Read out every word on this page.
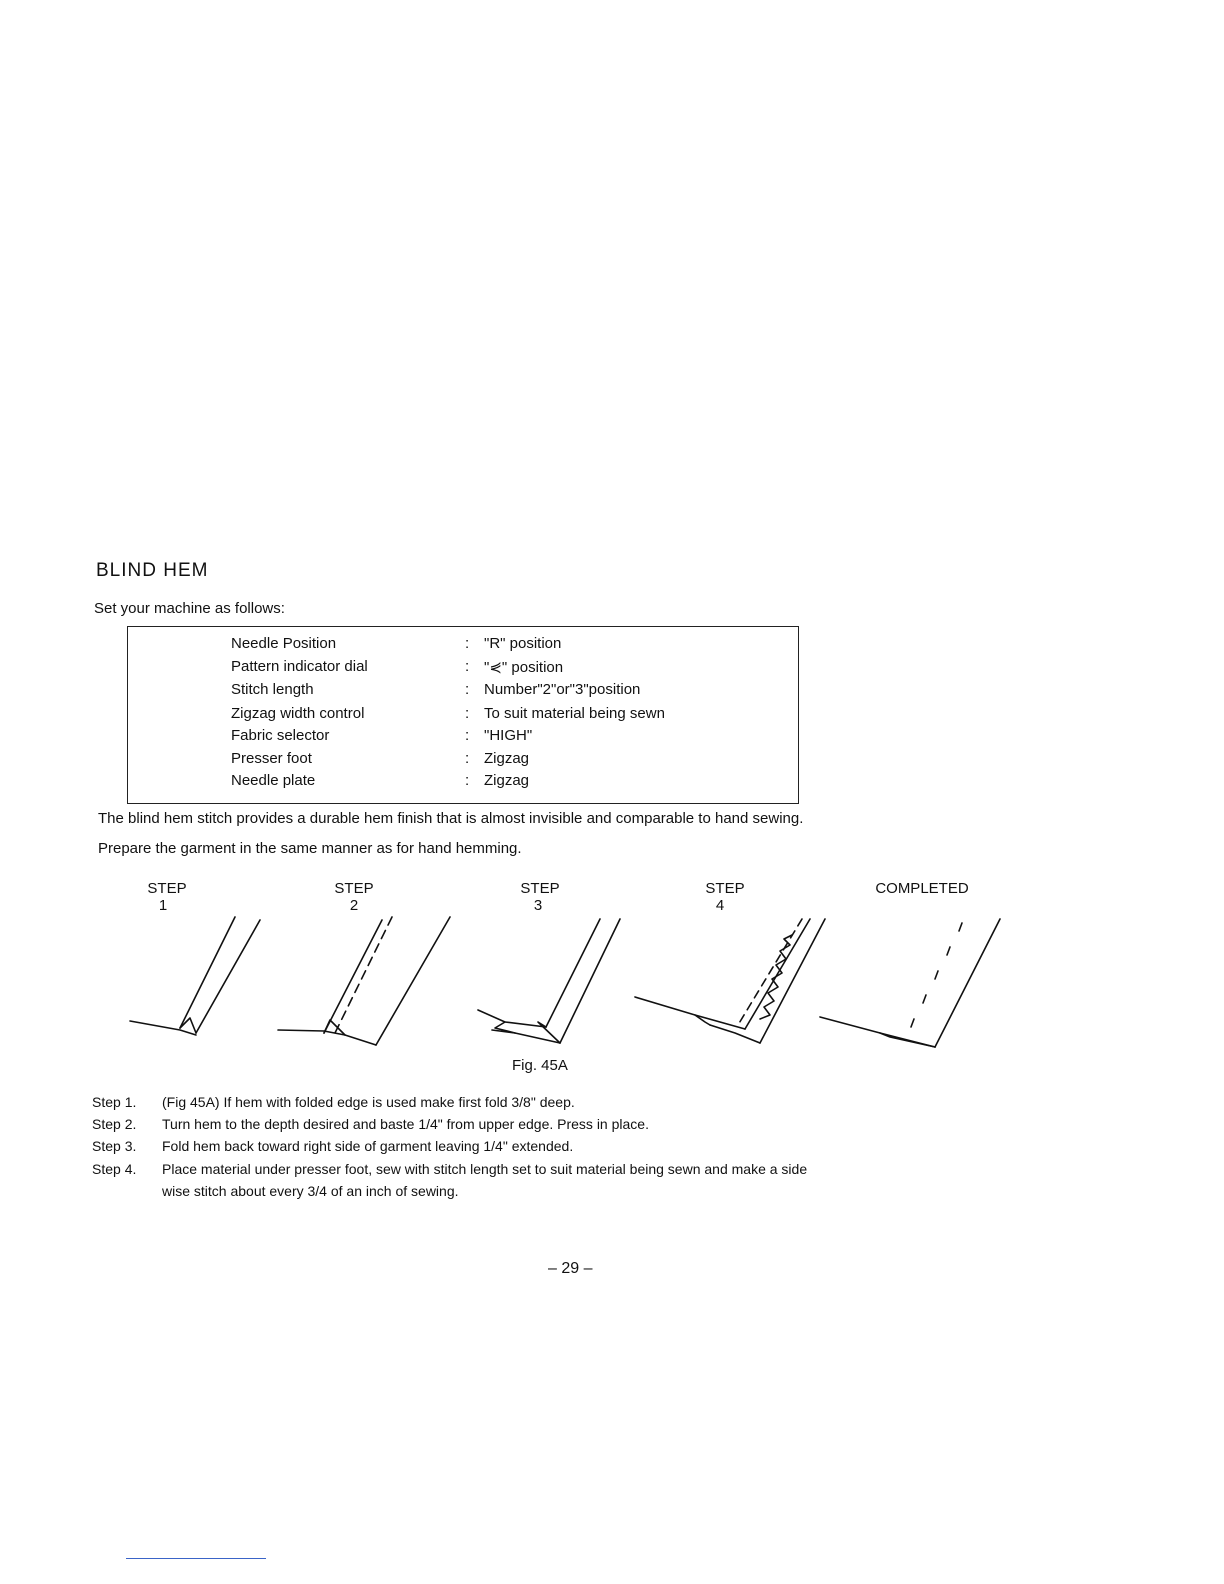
BLIND HEM
Set your machine as follows:
Needle Position	: "R" position
Pattern indicator dial	: "⋞" position
Stitch length	: Number"2"or"3"position
Zigzag width control	: To suit material being sewn
Fabric selector	: "HIGH"
Presser foot	: Zigzag
Needle plate	: Zigzag
The blind hem stitch provides a durable hem finish that is almost invisible and comparable to hand sewing.
Prepare the garment in the same manner as for hand hemming.
STEP
1
STEP
2
STEP
3
STEP
4
COMPLETED
Fig. 45A
Step 1. (Fig 45A) If hem with folded edge is used make first fold 3/8" deep.
Step 2. Turn hem to the depth desired and baste 1/4" from upper edge. Press in place.
Step 3. Fold hem back toward right side of garment leaving 1/4" extended.
Step 4. Place material under presser foot, sew with stitch length set to suit material being sewn and make a side
wise stitch about every 3/4 of an inch of sewing.
– 29 –
